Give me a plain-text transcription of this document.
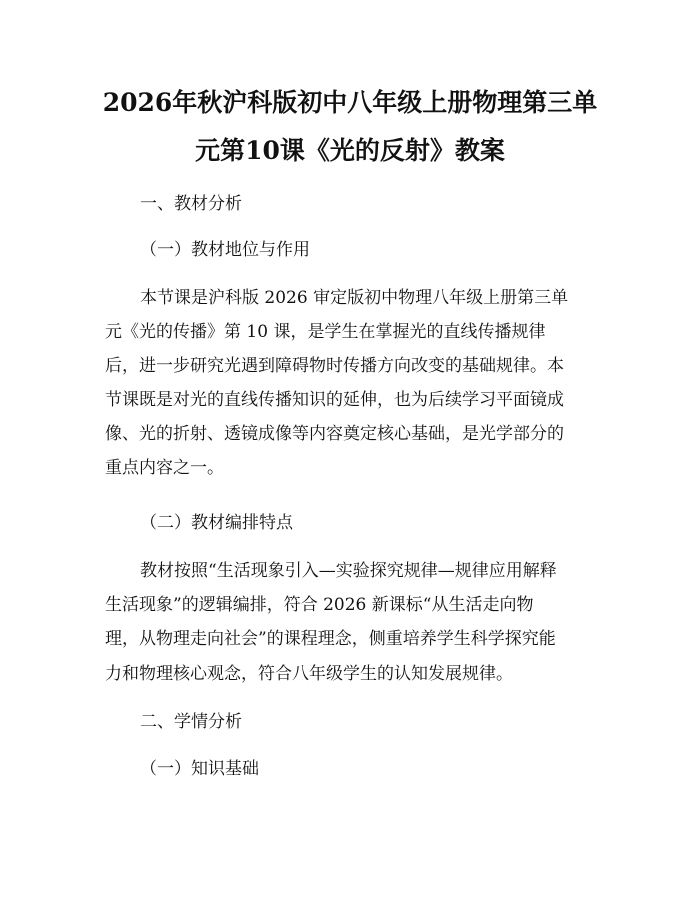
2026年秋沪科版初中八年级上册物理第三单
元第10课《光的反射》教案
一、教材分析
（一）教材地位与作用
本节课是沪科版 2026 审定版初中物理八年级上册第三单
元《光的传播》第 10 课，是学生在掌握光的直线传播规律
后，进一步研究光遇到障碍物时传播方向改变的基础规律。本
节课既是对光的直线传播知识的延伸，也为后续学习平面镜成
像、光的折射、透镜成像等内容奠定核心基础，是光学部分的
重点内容之一。
（二）教材编排特点
教材按照“生活现象引入—实验探究规律—规律应用解释
生活现象”的逻辑编排，符合 2026 新课标“从生活走向物
理，从物理走向社会”的课程理念，侧重培养学生科学探究能
力和物理核心观念，符合八年级学生的认知发展规律。
二、学情分析
（一）知识基础
